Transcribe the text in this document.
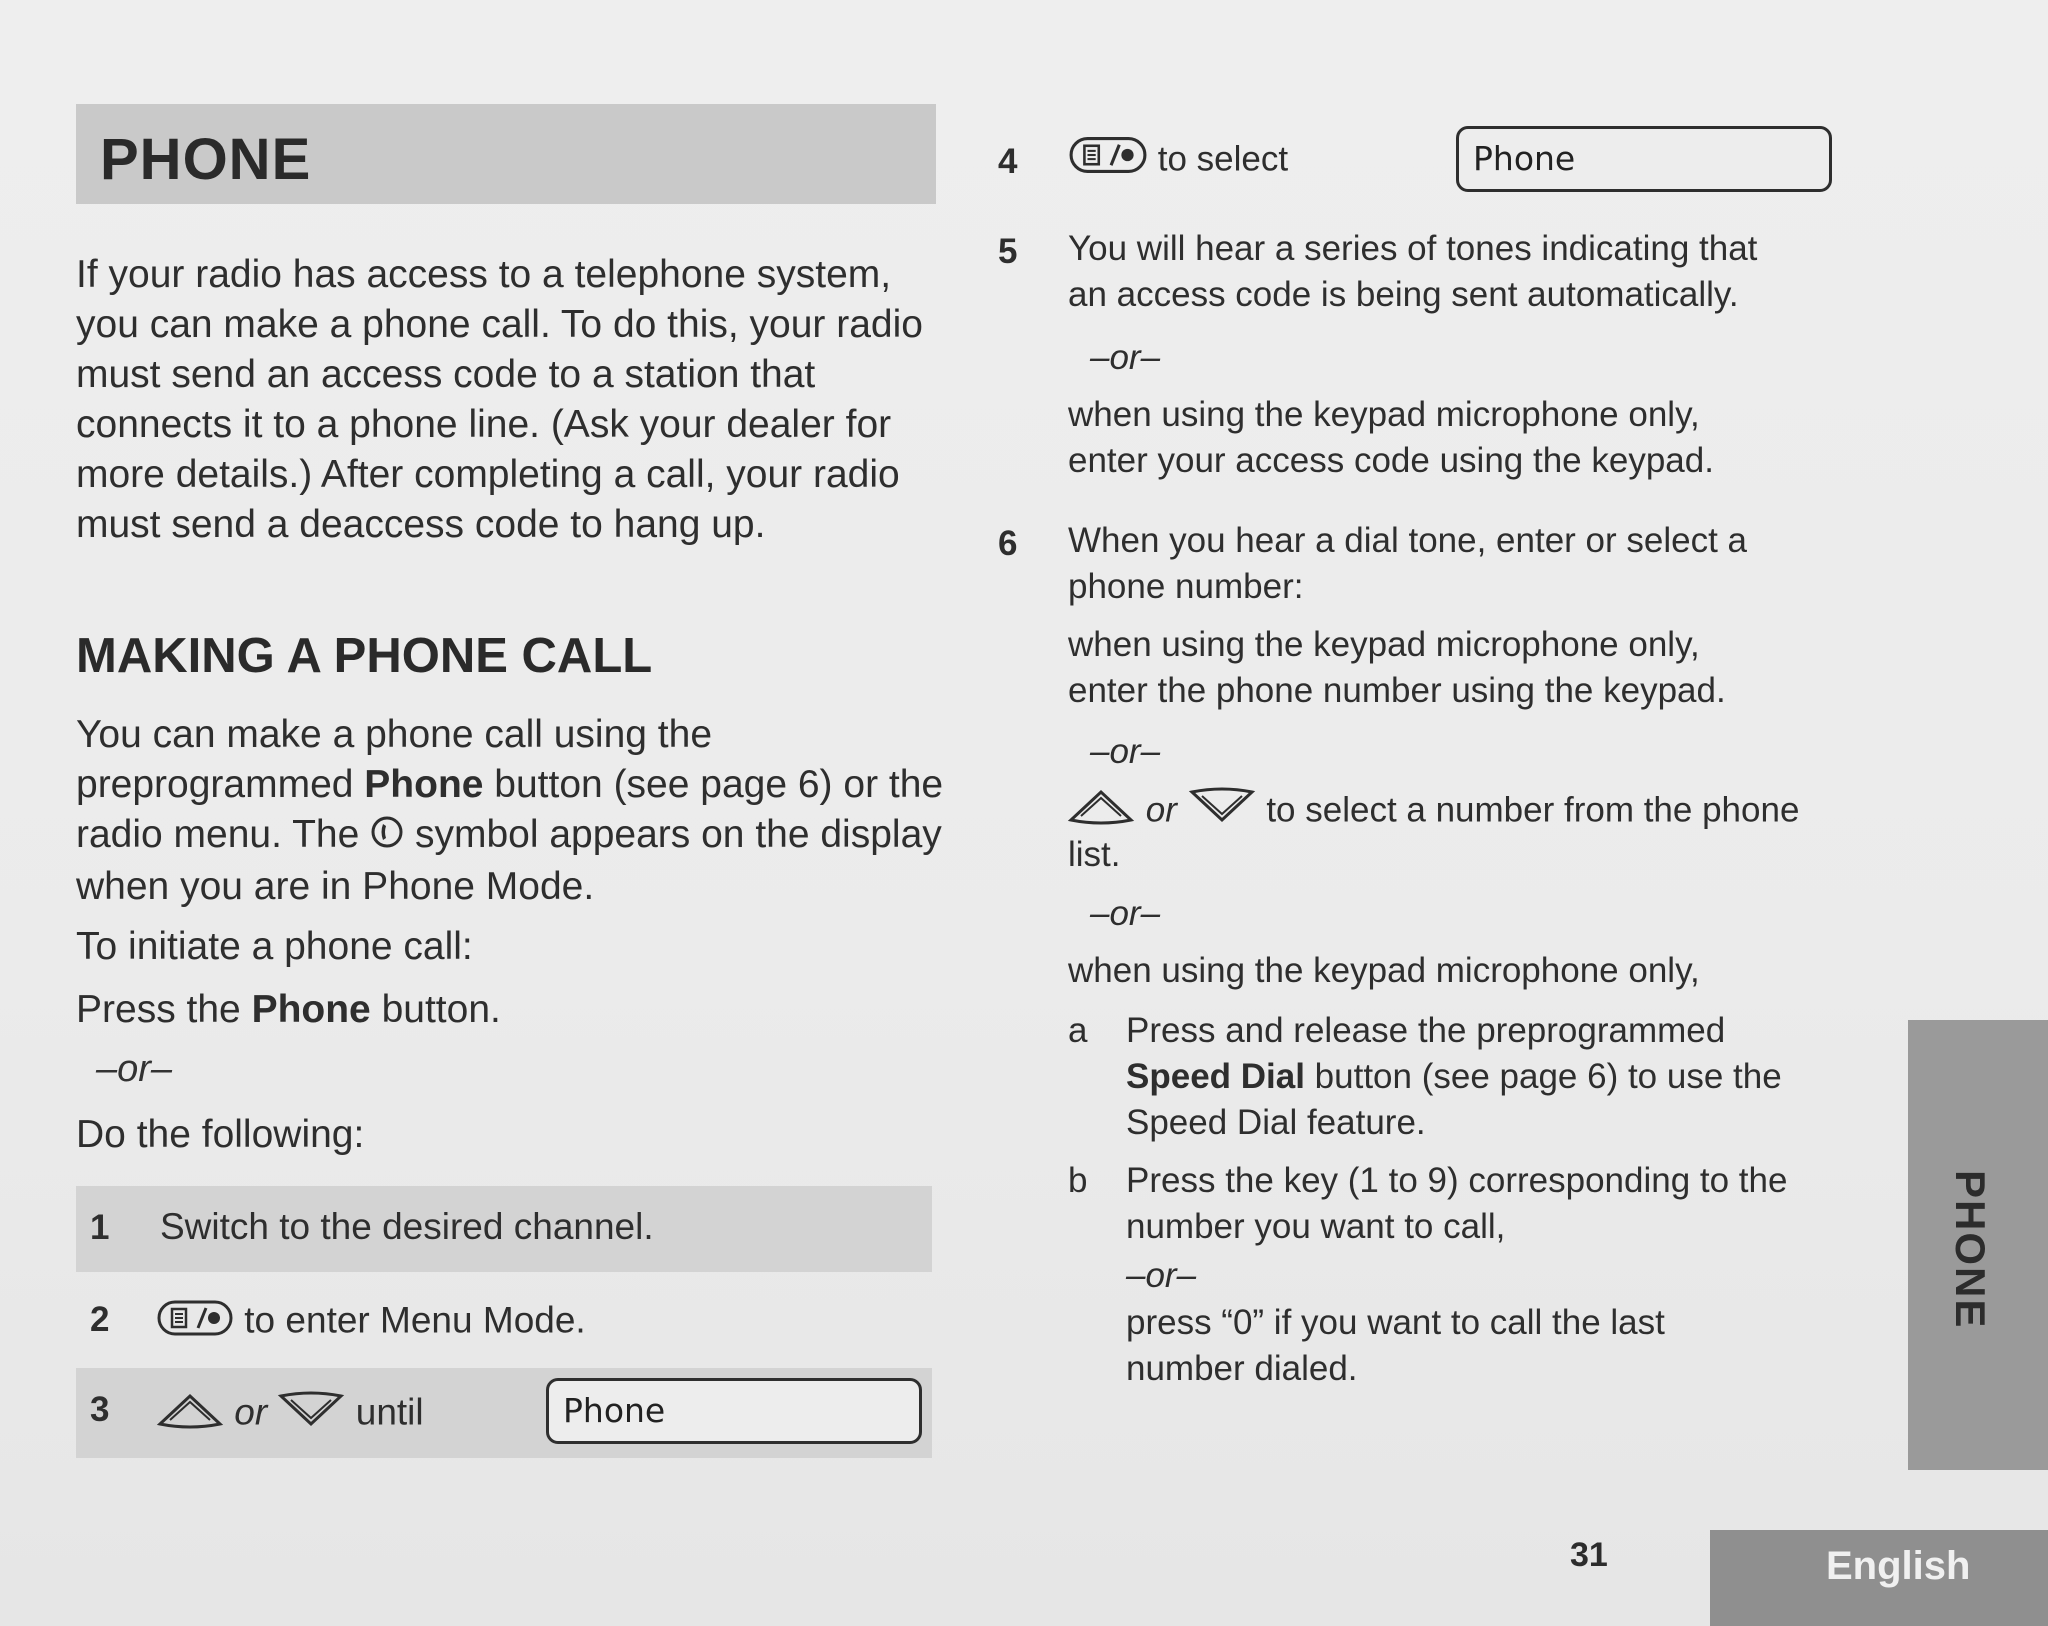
PHONE
If your radio has access to a telephone system, you can make a phone call. To do this, your radio must send an access code to a station that connects it to a phone line. (Ask your dealer for more details.) After completing a call, your radio must send a deaccess code to hang up.
MAKING A PHONE CALL
You can make a phone call using the preprogrammed Phone button (see page 6) or the radio menu. The  symbol appears on the display when you are in Phone Mode.
To initiate a phone call:
Press the Phone button.
–or–
Do the following:
1 Switch to the desired channel.
2	to enter Menu Mode.
3	or until	Phone
4	to select	Phone
5 You will hear a series of tones indicating that
an access code is being sent automatically.
–or–
when using the keypad microphone only,
enter your access code using the keypad.
6 When you hear a dial tone, enter or select a
phone number:
when using the keypad microphone only,
enter the phone number using the keypad.
–or–
or	to select a number from the phone
list.
–or–
when using the keypad microphone only,
a Press and release the preprogrammed
Speed Dial button (see page 6) to use the
Speed Dial feature.
b Press the key (1 to 9) corresponding to the
number you want to call,
–or–
press “0” if you want to call the last
number dialed.
PHONE
31	English
